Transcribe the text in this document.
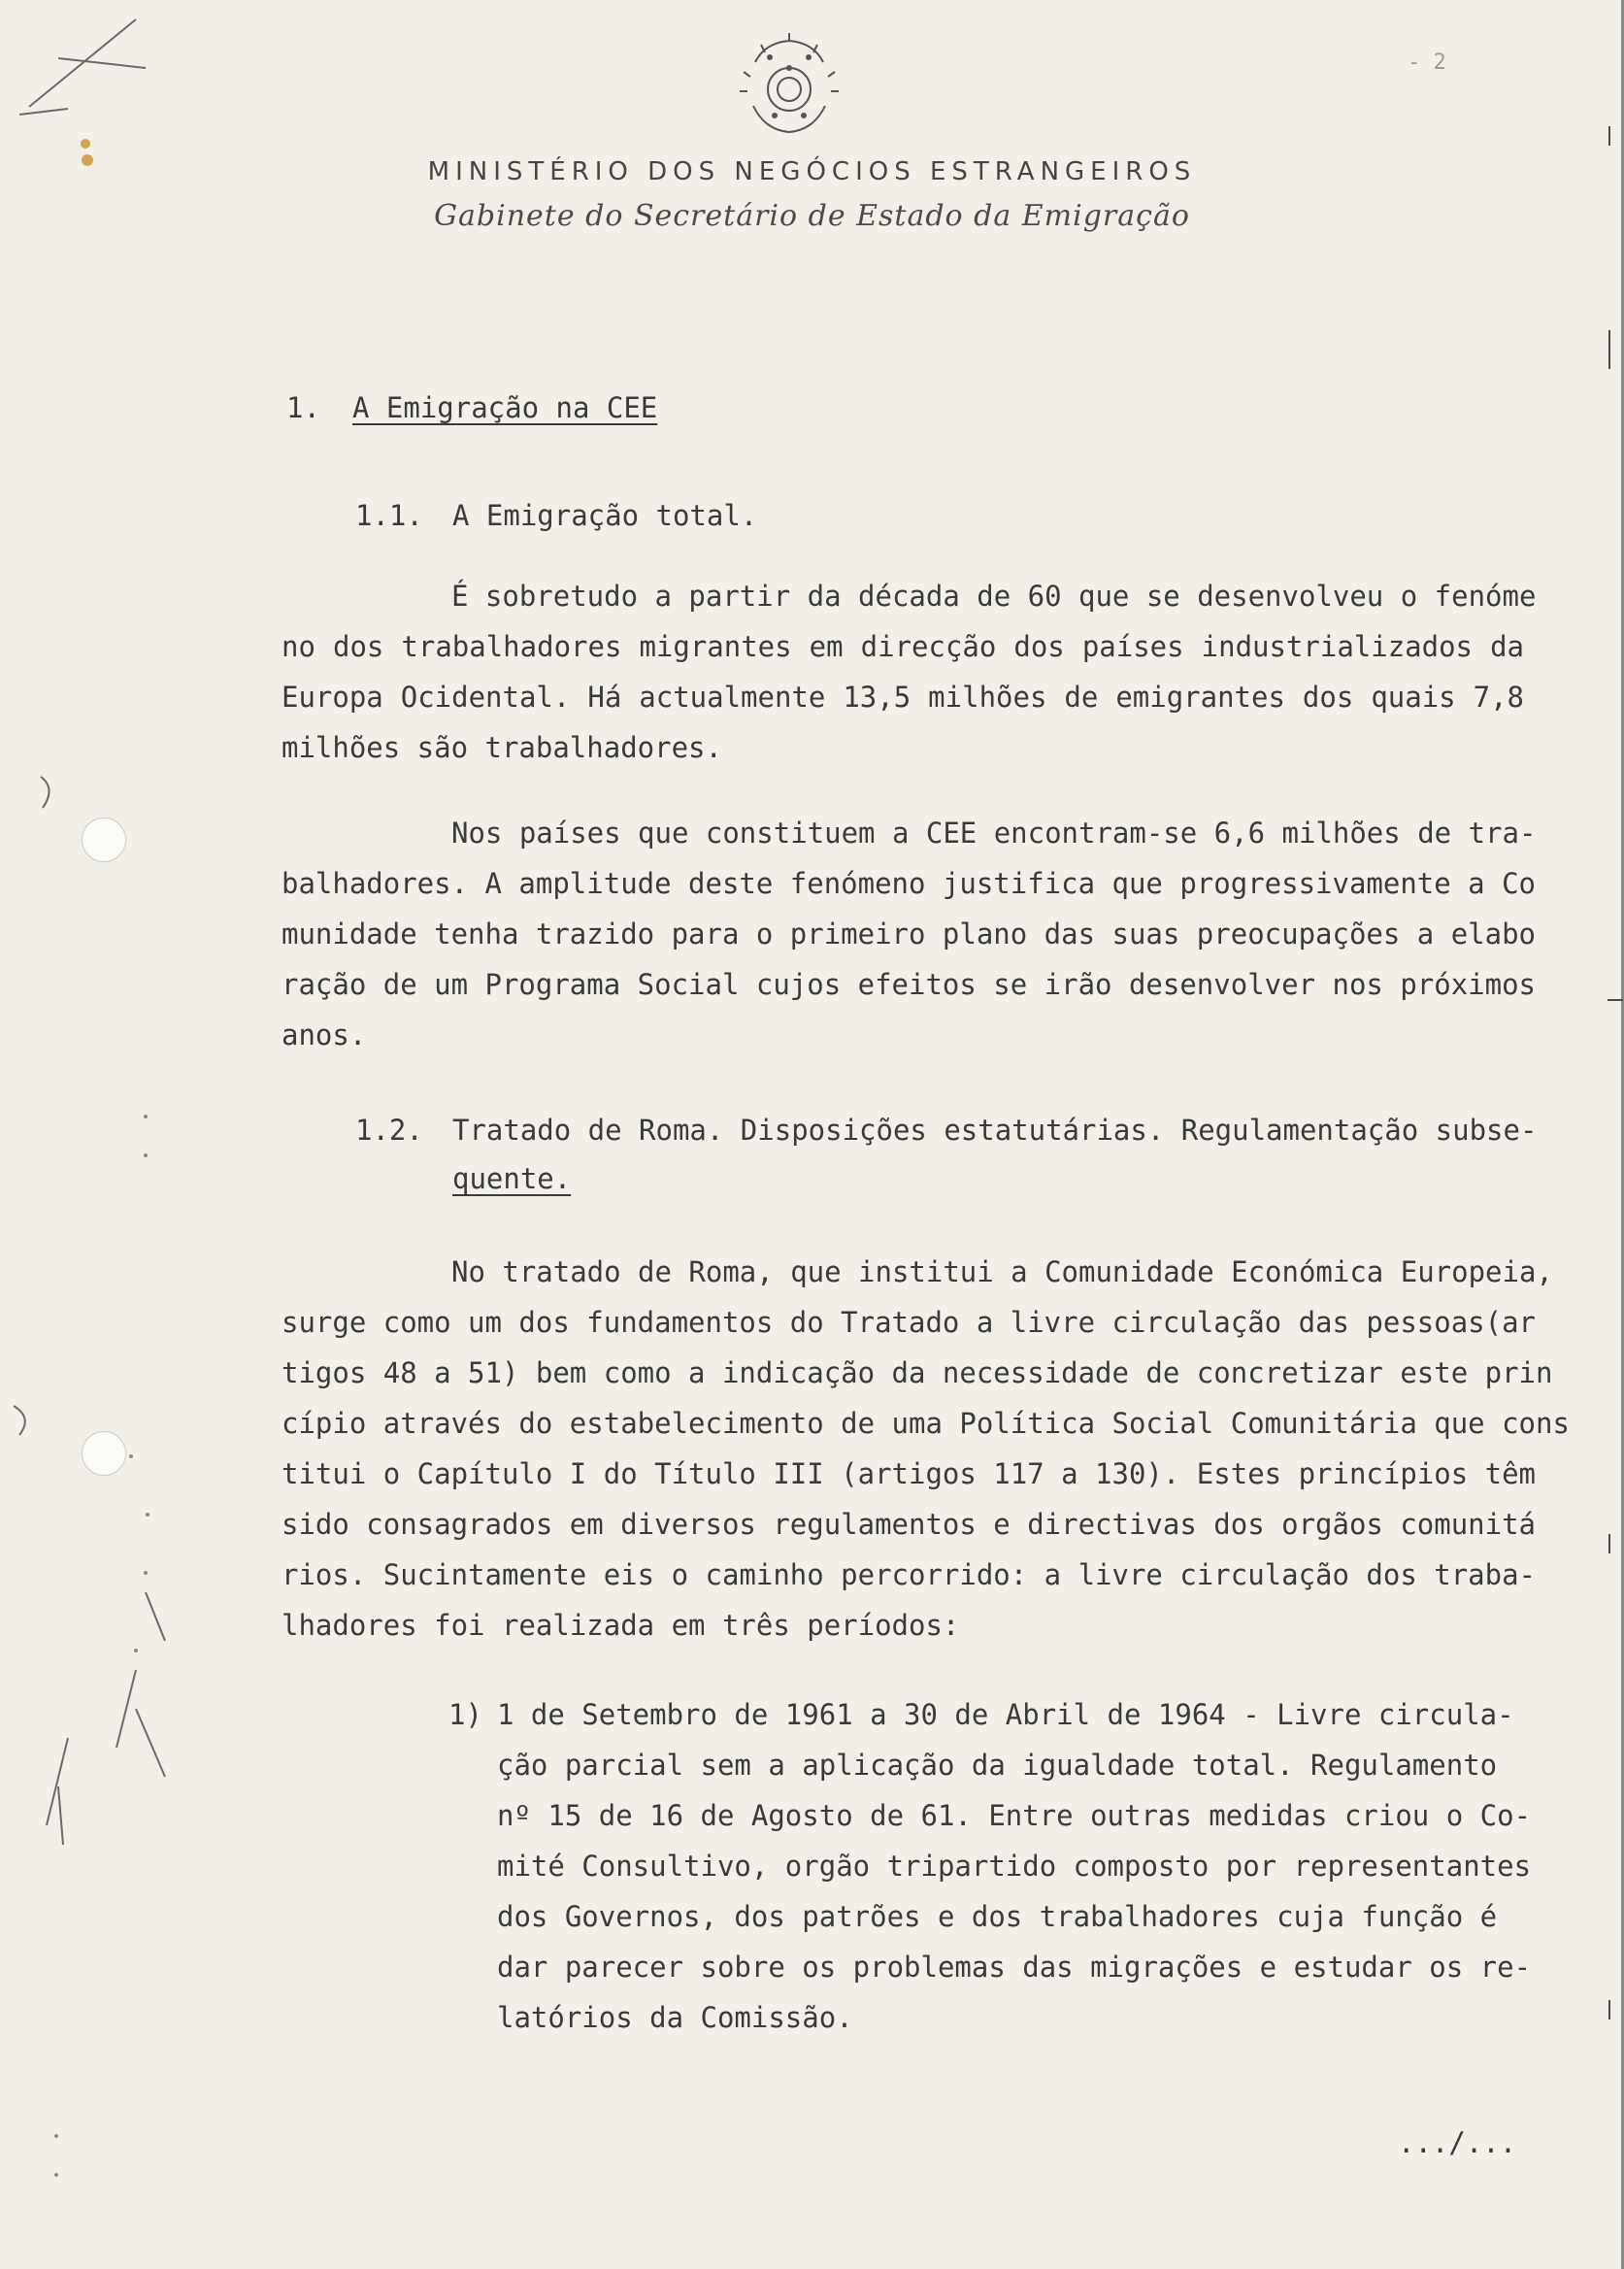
- 2
MINISTÉRIO DOS NEGÓCIOS ESTRANGEIROS
Gabinete do Secretário de Estado da Emigração
1. A Emigração na CEE
1.1. A Emigração total.
É sobretudo a partir da década de 60 que se desenvolveu o fenóme
no dos trabalhadores migrantes em direcção dos países industrializados da
Europa Ocidental. Há actualmente 13,5 milhões de emigrantes dos quais 7,8
milhões são trabalhadores.
Nos países que constituem a CEE encontram-se 6,6 milhões de tra-
balhadores. A amplitude deste fenómeno justifica que progressivamente a Co
munidade tenha trazido para o primeiro plano das suas preocupações a elabo
ração de um Programa Social cujos efeitos se irão desenvolver nos próximos
anos.
1.2. Tratado de Roma. Disposições estatutárias. Regulamentação subse-
quente.
No tratado de Roma, que institui a Comunidade Económica Europeia,
surge como um dos fundamentos do Tratado a livre circulação das pessoas(ar
tigos 48 a 51) bem como a indicação da necessidade de concretizar este prin
cípio através do estabelecimento de uma Política Social Comunitária que cons
titui o Capítulo I do Título III (artigos 117 a 130). Estes princípios têm
sido consagrados em diversos regulamentos e directivas dos orgãos comunitá
rios. Sucintamente eis o caminho percorrido: a livre circulação dos traba-
lhadores foi realizada em três períodos:
1) 1 de Setembro de 1961 a 30 de Abril de 1964 - Livre circula-
ção parcial sem a aplicação da igualdade total. Regulamento
nº 15 de 16 de Agosto de 61. Entre outras medidas criou o Co-
mité Consultivo, orgão tripartido composto por representantes
dos Governos, dos patrões e dos trabalhadores cuja função é
dar parecer sobre os problemas das migrações e estudar os re-
latórios da Comissão.
.../...
